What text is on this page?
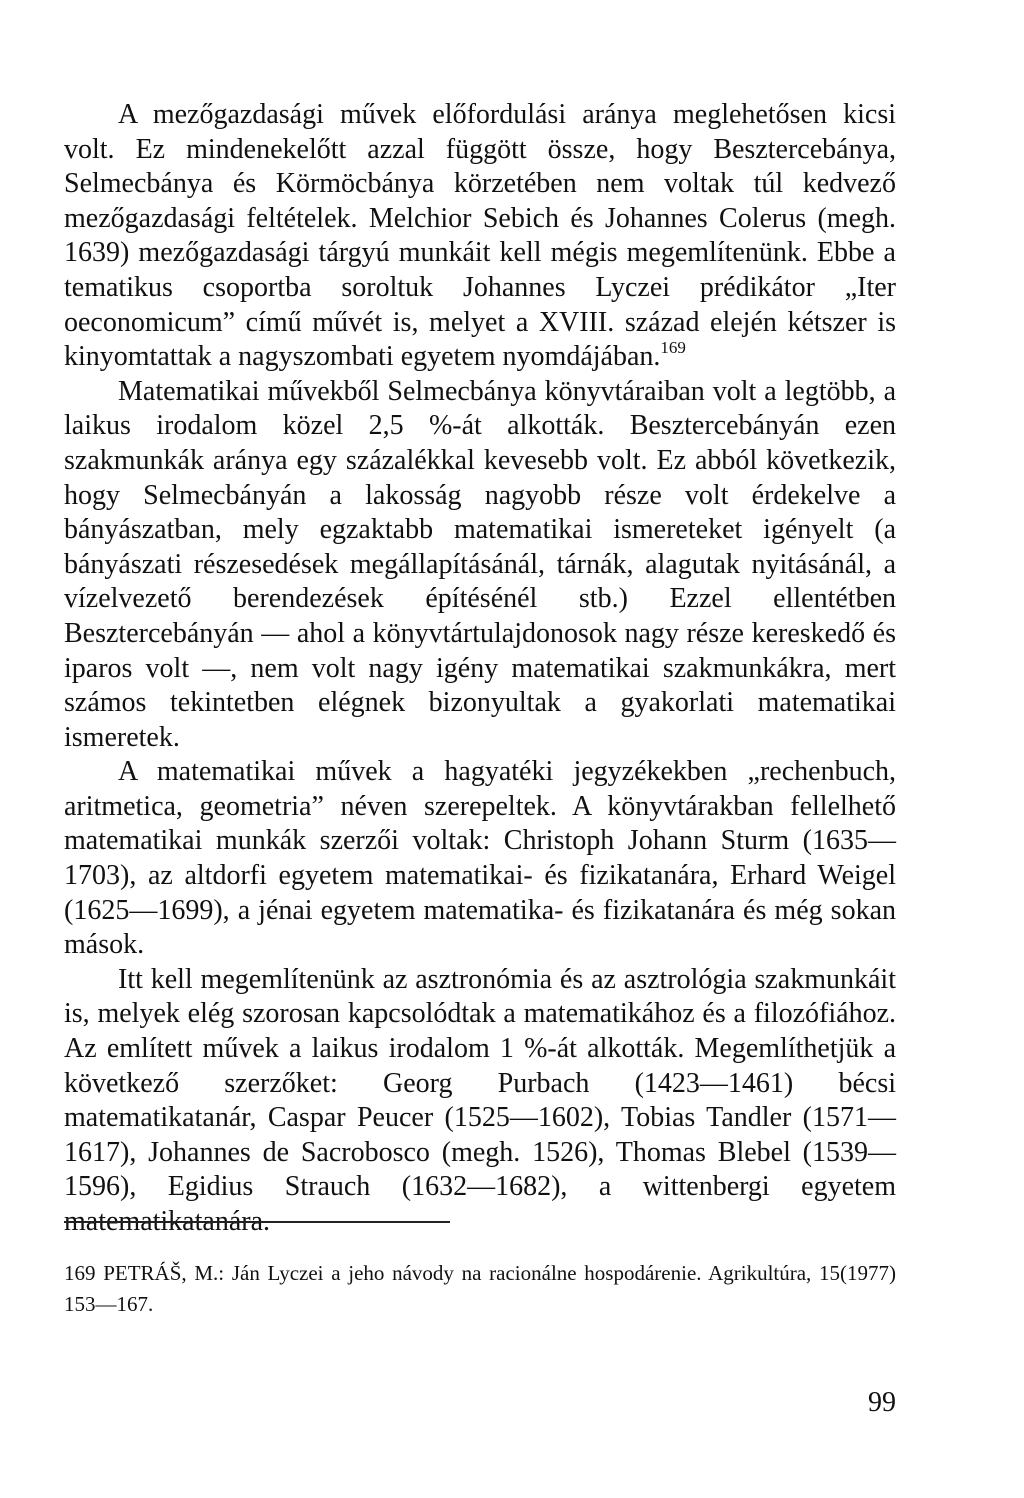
A mezőgazdasági művek előfordulási aránya meglehetősen kicsi volt. Ez mindenekelőtt azzal függött össze, hogy Besztercebánya, Selmecbánya és Körmöcbánya körzetében nem voltak túl kedvező mezőgazdasági feltételek. Melchior Sebich és Johannes Colerus (megh. 1639) mezőgazdasági tárgyú munkáit kell mégis megemlítenünk. Ebbe a tematikus csoportba soroltuk Johannes Lyczei prédikátor „Iter oeconomicum” című művét is, melyet a XVIII. század elején kétszer is kinyomtattak a nagyszombati egyetem nyomdájában.$^{169}$

Matematikai művekből Selmecbánya könyvtáraiban volt a legtöbb, a laikus irodalom közel 2,5 %-át alkották. Besztercebányán ezen szakmunkák aránya egy százalékkal kevesebb volt. Ez abból következik, hogy Selmecbányán a lakosság nagyobb része volt érdekelve a bányászatban, mely egzaktabb matematikai ismereteket igényelt (a bányászati részesedések megállapításánál, tárnák, alagutak nyitásánál, a vízelvezető berendezések építésénél stb.) Ezzel ellentétben Besztercebányán — ahol a könyvtártulajdonosok nagy része kereskedő és iparos volt —, nem volt nagy igény matematikai szakmunkákra, mert számos tekintetben elégnek bizonyultak a gyakorlati matematikai ismeretek.

A matematikai művek a hagyatéki jegyzékekben „rechenbuch, aritmetica, geometria” néven szerepeltek. A könyvtárakban fellelhető matematikai munkák szerzői voltak: Christoph Johann Sturm (1635—1703), az altdorfi egyetem matematikai- és fizikatanára, Erhard Weigel (1625—1699), a jénai egyetem matematika- és fizikatanára és még sokan mások.

Itt kell megemlítenünk az asztronómia és az asztrológia szakmunkáit is, melyek elég szorosan kapcsolódtak a matematikához és a filozófiához. Az említett művek a laikus irodalom 1 %-át alkották. Megemlíthetjük a következő szerzőket: Georg Purbach (1423—1461) bécsi matematikatanár, Caspar Peucer (1525—1602), Tobias Tandler (1571—1617), Johannes de Sacrobosco (megh. 1526), Thomas Blebel (1539—1596), Egidius Strauch (1632—1682), a wittenbergi egyetem matematikatanára.

169 PETRÁŠ, M.: Ján Lyczei a jeho návody na racionálne hospodárenie. Agrikultúra, 15(1977) 153—167.

99
